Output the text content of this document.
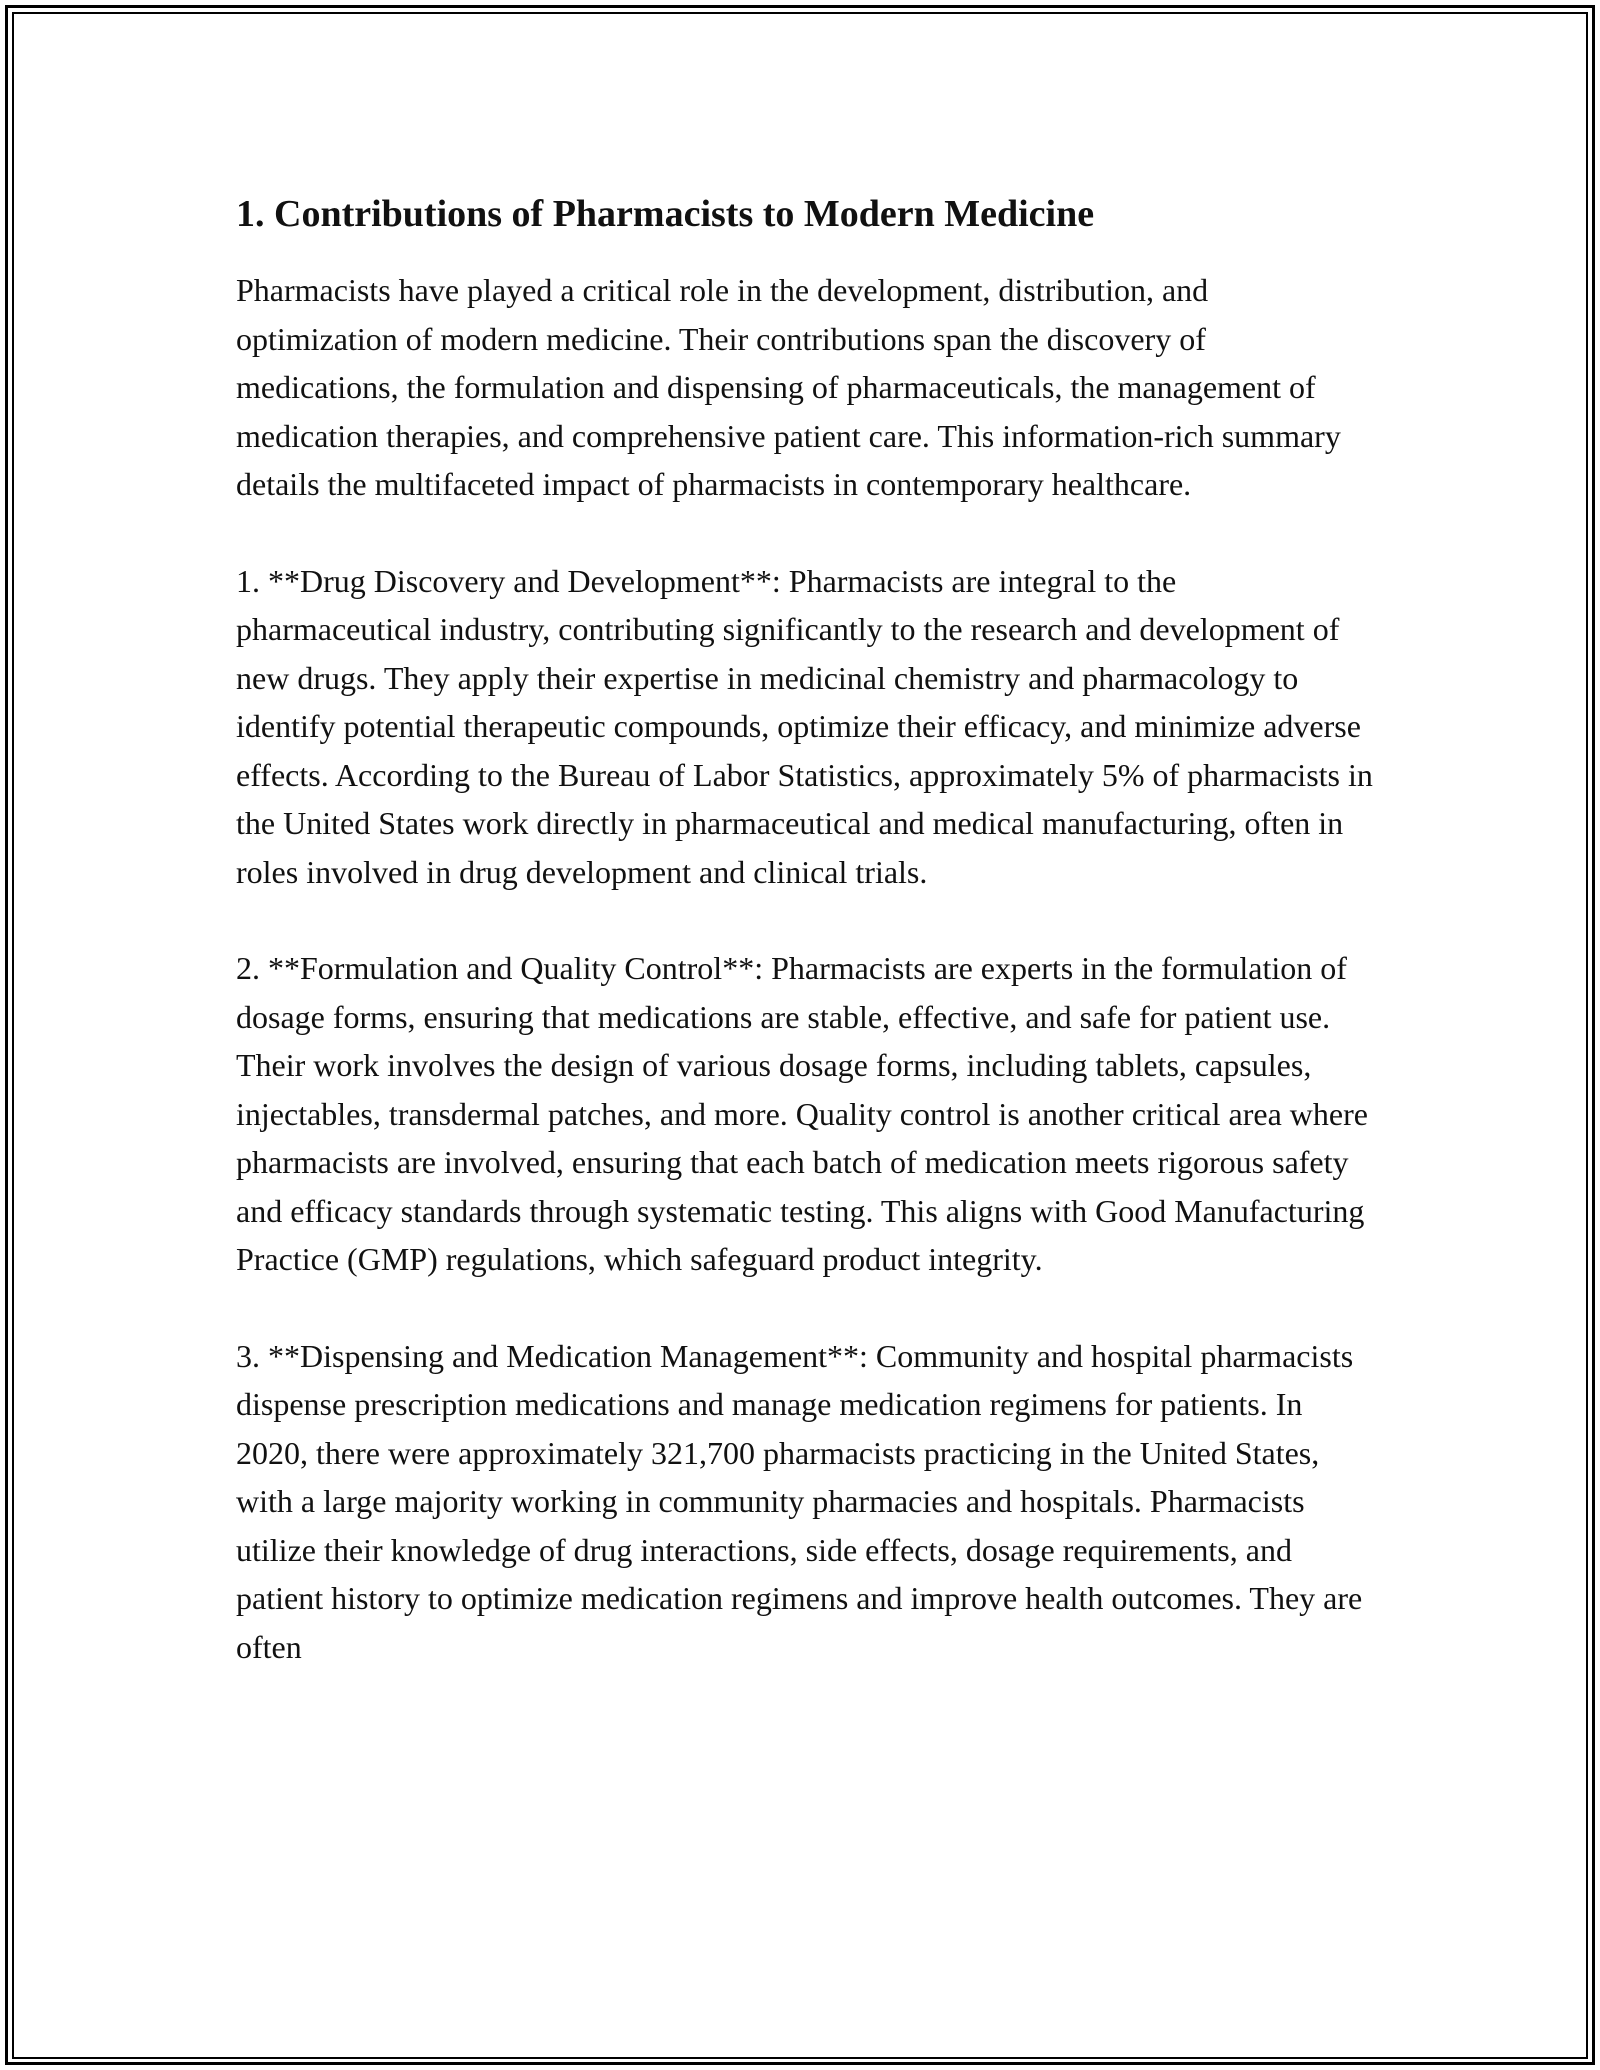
1. Contributions of Pharmacists to Modern Medicine

Pharmacists have played a critical role in the development, distribution, and optimization of modern medicine. Their contributions span the discovery of medications, the formulation and dispensing of pharmaceuticals, the management of medication therapies, and comprehensive patient care. This information-rich summary details the multifaceted impact of pharmacists in contemporary healthcare.

1. **Drug Discovery and Development**: Pharmacists are integral to the pharmaceutical industry, contributing significantly to the research and development of new drugs. They apply their expertise in medicinal chemistry and pharmacology to identify potential therapeutic compounds, optimize their efficacy, and minimize adverse effects. According to the Bureau of Labor Statistics, approximately 5% of pharmacists in the United States work directly in pharmaceutical and medical manufacturing, often in roles involved in drug development and clinical trials.

2. **Formulation and Quality Control**: Pharmacists are experts in the formulation of dosage forms, ensuring that medications are stable, effective, and safe for patient use. Their work involves the design of various dosage forms, including tablets, capsules, injectables, transdermal patches, and more. Quality control is another critical area where pharmacists are involved, ensuring that each batch of medication meets rigorous safety and efficacy standards through systematic testing. This aligns with Good Manufacturing Practice (GMP) regulations, which safeguard product integrity.

3. **Dispensing and Medication Management**: Community and hospital pharmacists dispense prescription medications and manage medication regimens for patients. In 2020, there were approximately 321,700 pharmacists practicing in the United States, with a large majority working in community pharmacies and hospitals. Pharmacists utilize their knowledge of drug interactions, side effects, dosage requirements, and patient history to optimize medication regimens and improve health outcomes. They are often
